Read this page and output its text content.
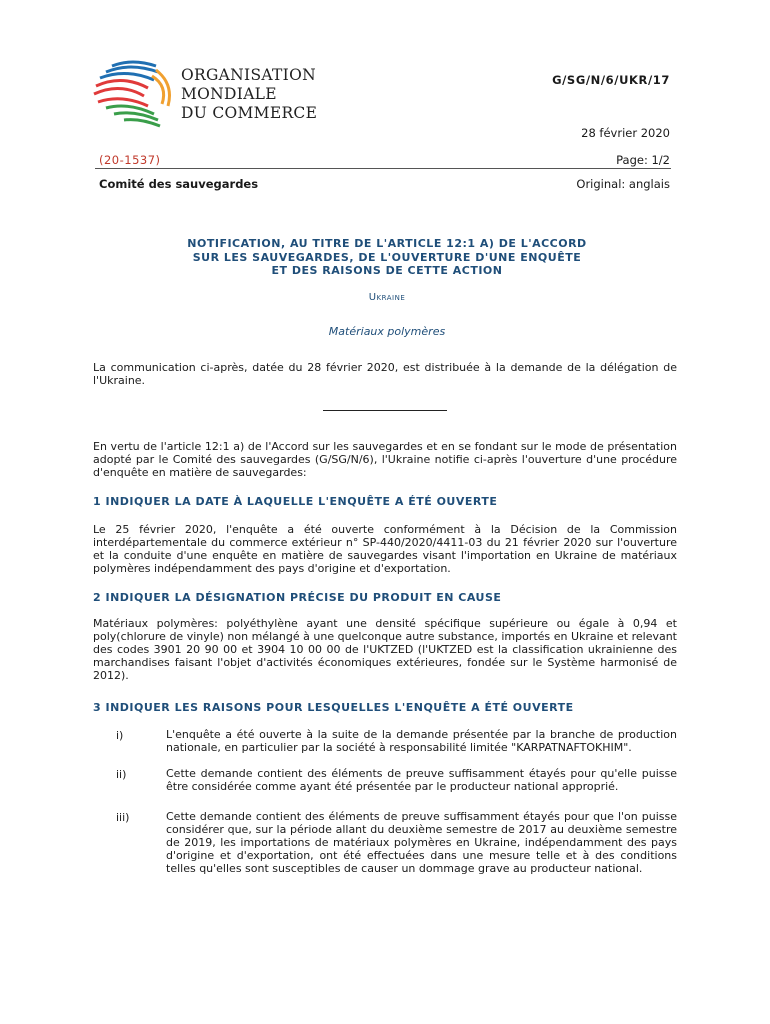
ORGANISATION
MONDIALE
DU COMMERCE
G/SG/N/6/UKR/17
28 février 2020
(20-1537)	Page: 1/2
Comité des sauvegardes	Original: anglais
NOTIFICATION, AU TITRE DE L'ARTICLE 12:1 A) DE L'ACCORD
SUR LES SAUVEGARDES, DE L'OUVERTURE D'UNE ENQUÊTE
ET DES RAISONS DE CETTE ACTION
Ukraine
Matériaux polymères
La communication ci-après, datée du 28 février 2020, est distribuée à la demande de la délégation de l'Ukraine.
En vertu de l'article 12:1 a) de l'Accord sur les sauvegardes et en se fondant sur le mode de présentation adopté par le Comité des sauvegardes (G/SG/N/6), l'Ukraine notifie ci-après l'ouverture d'une procédure d'enquête en matière de sauvegardes:
1 INDIQUER LA DATE À LAQUELLE L'ENQUÊTE A ÉTÉ OUVERTE
Le 25 février 2020, l'enquête a été ouverte conformément à la Décision de la Commission interdépartementale du commerce extérieur n° SP-440/2020/4411-03 du 21 février 2020 sur l'ouverture et la conduite d'une enquête en matière de sauvegardes visant l'importation en Ukraine de matériaux polymères indépendamment des pays d'origine et d'exportation.
2 INDIQUER LA DÉSIGNATION PRÉCISE DU PRODUIT EN CAUSE
Matériaux polymères: polyéthylène ayant une densité spécifique supérieure ou égale à 0,94 et poly(chlorure de vinyle) non mélangé à une quelconque autre substance, importés en Ukraine et relevant des codes 3901 20 90 00 et 3904 10 00 00 de l'UKTZED (l'UKTZED est la classification ukrainienne des marchandises faisant l'objet d'activités économiques extérieures, fondée sur le Système harmonisé de 2012).
3 INDIQUER LES RAISONS POUR LESQUELLES L'ENQUÊTE A ÉTÉ OUVERTE
i)	L'enquête a été ouverte à la suite de la demande présentée par la branche de production nationale, en particulier par la société à responsabilité limitée "KARPATNAFTOKHIM".
ii)	Cette demande contient des éléments de preuve suffisamment étayés pour qu'elle puisse être considérée comme ayant été présentée par le producteur national approprié.
iii)	Cette demande contient des éléments de preuve suffisamment étayés pour que l'on puisse considérer que, sur la période allant du deuxième semestre de 2017 au deuxième semestre de 2019, les importations de matériaux polymères en Ukraine, indépendamment des pays d'origine et d'exportation, ont été effectuées dans une mesure telle et à des conditions telles qu'elles sont susceptibles de causer un dommage grave au producteur national.
